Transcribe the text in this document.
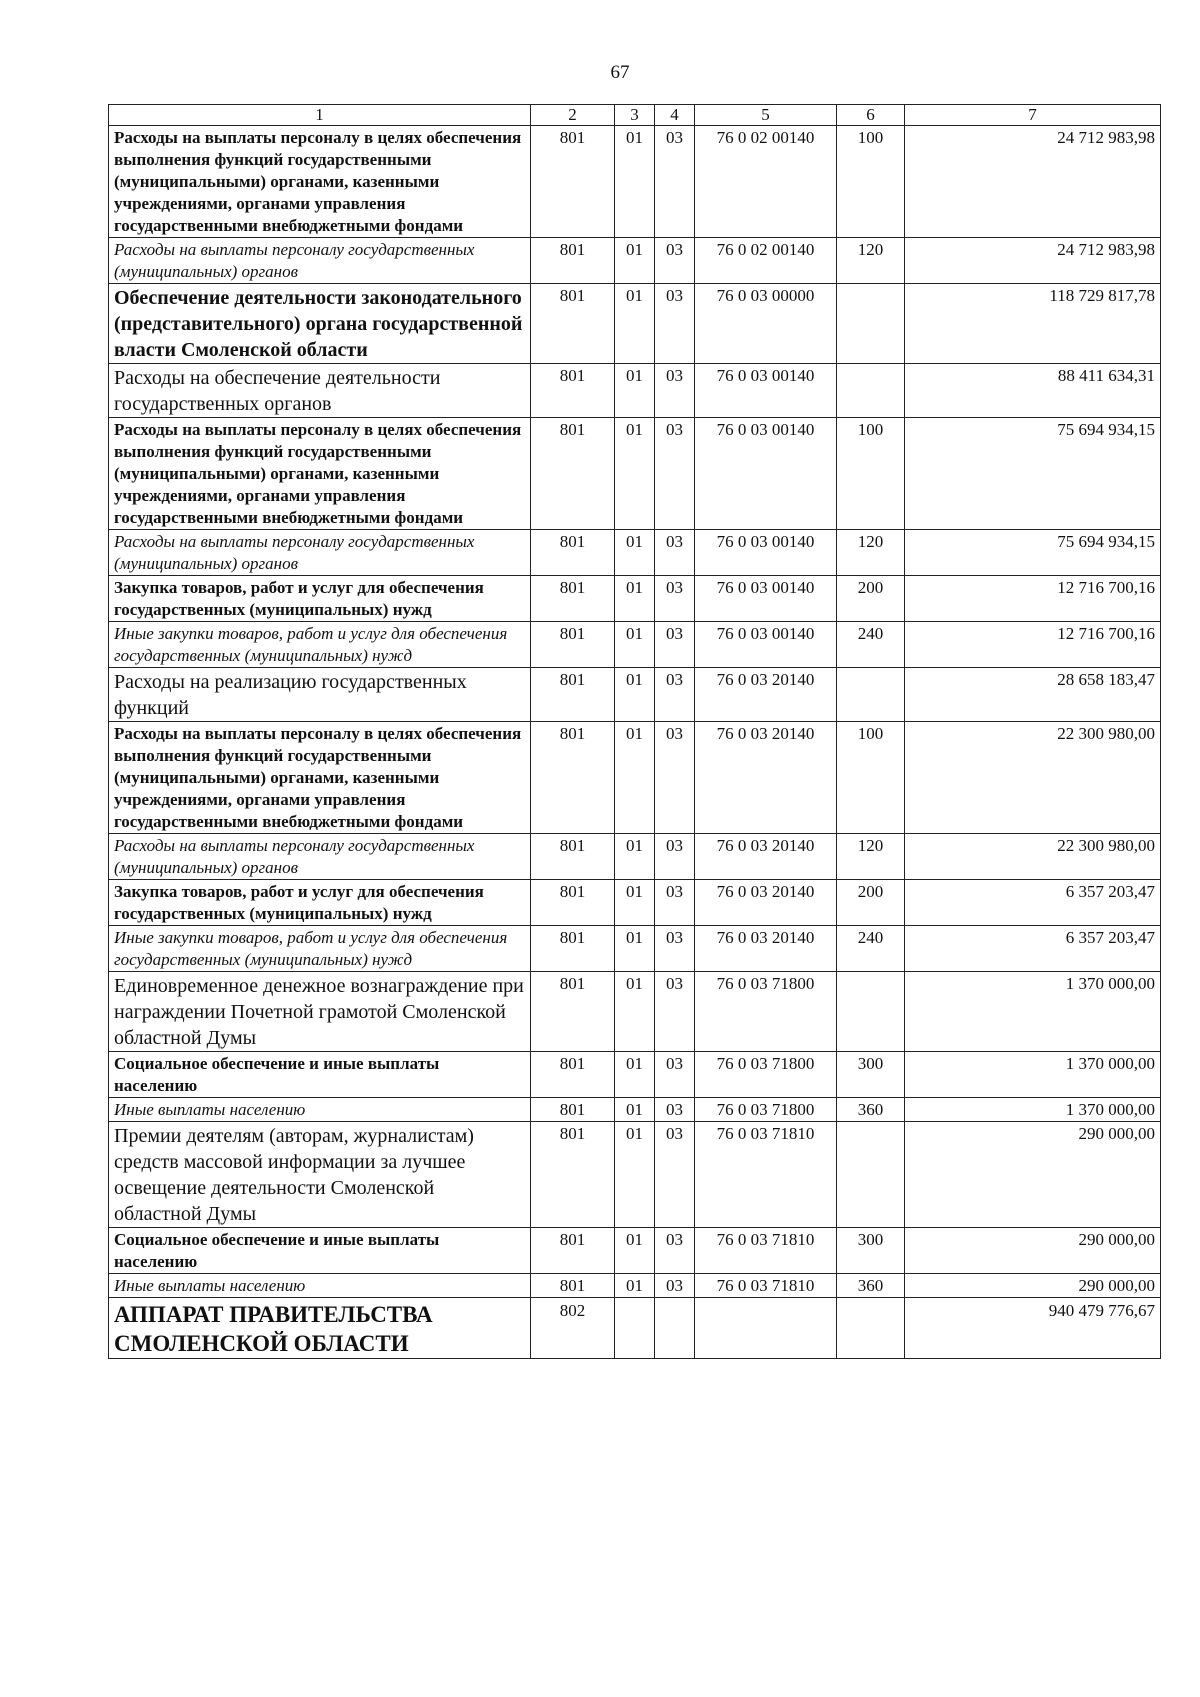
67
1	2	3	4	5	6	7
Расходы на выплаты персоналу в целях обеспечения выполнения функций государственными (муниципальными) органами, казенными учреждениями, органами управления государственными внебюджетными фондами	801	01	03	76 0 02 00140	100	24 712 983,98
Расходы на выплаты персоналу государственных (муниципальных) органов	801	01	03	76 0 02 00140	120	24 712 983,98
Обеспечение деятельности законодательного (представительного) органа государственной власти Смоленской области	801	01	03	76 0 03 00000		118 729 817,78
Расходы на обеспечение деятельности государственных органов	801	01	03	76 0 03 00140		88 411 634,31
Расходы на выплаты персоналу в целях обеспечения выполнения функций государственными (муниципальными) органами, казенными учреждениями, органами управления государственными внебюджетными фондами	801	01	03	76 0 03 00140	100	75 694 934,15
Расходы на выплаты персоналу государственных (муниципальных) органов	801	01	03	76 0 03 00140	120	75 694 934,15
Закупка товаров, работ и услуг для обеспечения государственных (муниципальных) нужд	801	01	03	76 0 03 00140	200	12 716 700,16
Иные закупки товаров, работ и услуг для обеспечения государственных (муниципальных) нужд	801	01	03	76 0 03 00140	240	12 716 700,16
Расходы на реализацию государственных функций	801	01	03	76 0 03 20140		28 658 183,47
Расходы на выплаты персоналу в целях обеспечения выполнения функций государственными (муниципальными) органами, казенными учреждениями, органами управления государственными внебюджетными фондами	801	01	03	76 0 03 20140	100	22 300 980,00
Расходы на выплаты персоналу государственных (муниципальных) органов	801	01	03	76 0 03 20140	120	22 300 980,00
Закупка товаров, работ и услуг для обеспечения государственных (муниципальных) нужд	801	01	03	76 0 03 20140	200	6 357 203,47
Иные закупки товаров, работ и услуг для обеспечения государственных (муниципальных) нужд	801	01	03	76 0 03 20140	240	6 357 203,47
Единовременное денежное вознаграждение при награждении Почетной грамотой Смоленской областной Думы	801	01	03	76 0 03 71800		1 370 000,00
Социальное обеспечение и иные выплаты населению	801	01	03	76 0 03 71800	300	1 370 000,00
Иные выплаты населению	801	01	03	76 0 03 71800	360	1 370 000,00
Премии деятелям (авторам, журналистам) средств массовой информации за лучшее освещение деятельности Смоленской областной Думы	801	01	03	76 0 03 71810		290 000,00
Социальное обеспечение и иные выплаты населению	801	01	03	76 0 03 71810	300	290 000,00
Иные выплаты населению	801	01	03	76 0 03 71810	360	290 000,00
АППАРАТ ПРАВИТЕЛЬСТВА СМОЛЕНСКОЙ ОБЛАСТИ	802					940 479 776,67
